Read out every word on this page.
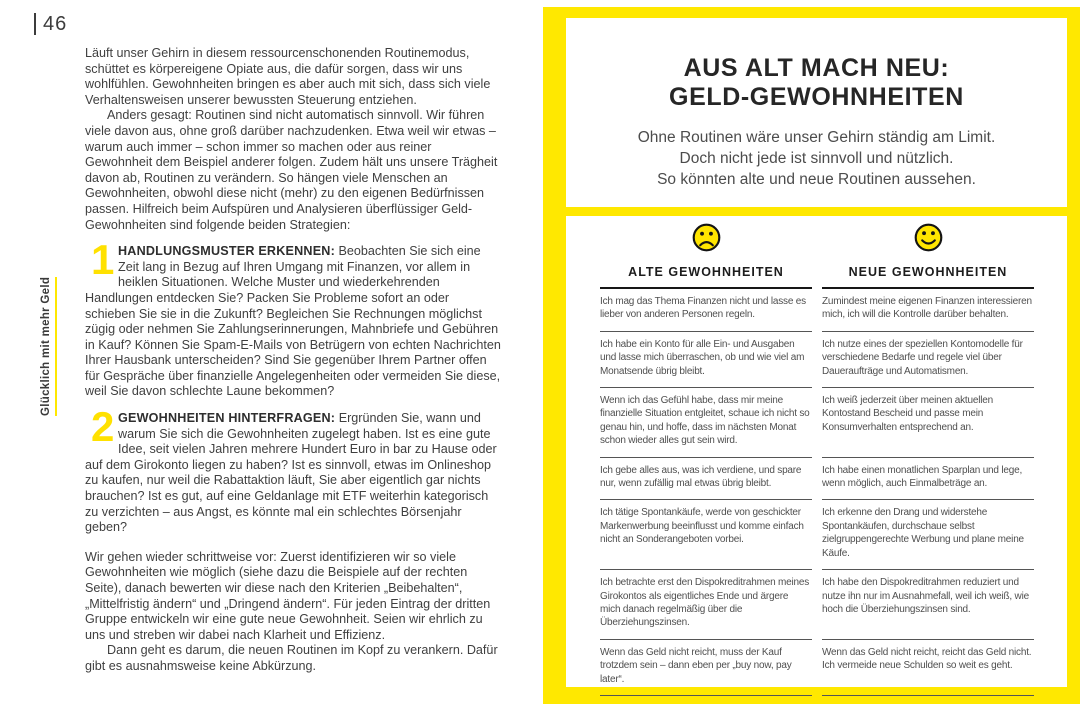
46
Glücklich mit mehr Geld

Läuft unser Gehirn in diesem ressourcenschonenden Routinemodus, schüttet es körpereigene Opiate aus, die dafür sorgen, dass wir uns wohlfühlen. Gewohnheiten bringen es aber auch mit sich, dass sich viele Verhaltensweisen unserer bewussten Steuerung entziehen.

Anders gesagt: Routinen sind nicht automatisch sinnvoll. Wir führen viele davon aus, ohne groß darüber nachzudenken. Etwa weil wir etwas – warum auch immer – schon immer so machen oder aus reiner Gewohnheit dem Beispiel anderer folgen. Zudem hält uns unsere Trägheit davon ab, Routinen zu verändern. So hängen viele Menschen an Gewohnheiten, obwohl diese nicht (mehr) zu den eigenen Bedürfnissen passen. Hilfreich beim Aufspüren und Analysieren überflüssiger Geld-Gewohnheiten sind folgende beiden Strategien:

1 HANDLUNGSMUSTER ERKENNEN: Beobachten Sie sich eine Zeit lang in Bezug auf Ihren Umgang mit Finanzen, vor allem in heiklen Situationen. Welche Muster und wiederkehrenden Handlungen entdecken Sie? Packen Sie Probleme sofort an oder schieben Sie sie in die Zukunft? Begleichen Sie Rechnungen möglichst zügig oder nehmen Sie Zahlungserinnerungen, Mahnbriefe und Gebühren in Kauf? Können Sie Spam-E-Mails von Betrügern von echten Nachrichten Ihrer Hausbank unterscheiden? Sind Sie gegenüber Ihrem Partner offen für Gespräche über finanzielle Angelegenheiten oder vermeiden Sie diese, weil Sie davon schlechte Laune bekommen?
2 GEWOHNHEITEN HINTERFRAGEN: Ergründen Sie, wann und warum Sie sich die Gewohnheiten zugelegt haben. Ist es eine gute Idee, seit vielen Jahren mehrere Hundert Euro in bar zu Hause oder auf dem Girokonto liegen zu haben? Ist es sinnvoll, etwas im Onlineshop zu kaufen, nur weil die Rabattaktion läuft, Sie aber eigentlich gar nichts brauchen? Ist es gut, auf eine Geldanlage mit ETF weiterhin kategorisch zu verzichten – aus Angst, es könnte mal ein schlechtes Börsenjahr geben?

Wir gehen wieder schrittweise vor: Zuerst identifizieren wir so viele Gewohnheiten wie möglich (siehe dazu die Beispiele auf der rechten Seite), danach bewerten wir diese nach den Kriterien „Beibehalten“, „Mittelfristig ändern“ und „Dringend ändern“. Für jeden Eintrag der dritten Gruppe entwickeln wir eine gute neue Gewohnheit. Seien wir ehrlich zu uns und streben wir dabei nach Klarheit und Effizienz.

Dann geht es darum, die neuen Routinen im Kopf zu verankern. Dafür gibt es ausnahmsweise keine Abkürzung.

AUS ALT MACH NEU:
GELD-GEWOHNHEITEN
Ohne Routinen wäre unser Gehirn ständig am Limit.
Doch nicht jede ist sinnvoll und nützlich.
So könnten alte und neue Routinen aussehen.
ALTE GEWOHNHEITEN	NEUE GEWOHNHEITEN

Ich mag das Thema Finanzen nicht und lasse es lieber von anderen Personen regeln.

Ich habe ein Konto für alle Ein- und Ausgaben und lasse mich überraschen, ob und wie viel am Monatsende übrig bleibt.

Wenn ich das Gefühl habe, dass mir meine finanzielle Situation entgleitet, schaue ich nicht so genau hin, und hoffe, dass im nächsten Monat schon wieder alles gut sein wird.

Ich gebe alles aus, was ich verdiene, und spare nur, wenn zufällig mal etwas übrig bleibt.

Ich tätige Spontankäufe, werde von geschickter Markenwerbung beeinflusst und komme einfach nicht an Sonderangeboten vorbei.

Ich betrachte erst den Dispokreditrahmen meines Girokontos als eigentliches Ende und ärgere mich danach regelmäßig über die Überziehungszinsen.

Wenn das Geld nicht reicht, muss der Kauf trotzdem sein – dann eben per „buy now, pay later“.

Zumindest meine eigenen Finanzen interessieren mich, ich will die Kontrolle darüber behalten.

Ich nutze eines der speziellen Kontomodelle für verschiedene Bedarfe und regele viel über Daueraufträge und Automatismen.

Ich weiß jederzeit über meinen aktuellen Kontostand Bescheid und passe mein Konsumverhalten entsprechend an.

Ich habe einen monatlichen Sparplan und lege, wenn möglich, auch Einmalbeträge an.

Ich erkenne den Drang und widerstehe Spontankäufen, durchschaue selbst zielgruppengerechte Werbung und plane meine Käufe.

Ich habe den Dispokreditrahmen reduziert und nutze ihn nur im Ausnahmefall, weil ich weiß, wie hoch die Überziehungszinsen sind.

Wenn das Geld nicht reicht, reicht das Geld nicht. Ich vermeide neue Schulden so weit es geht.
